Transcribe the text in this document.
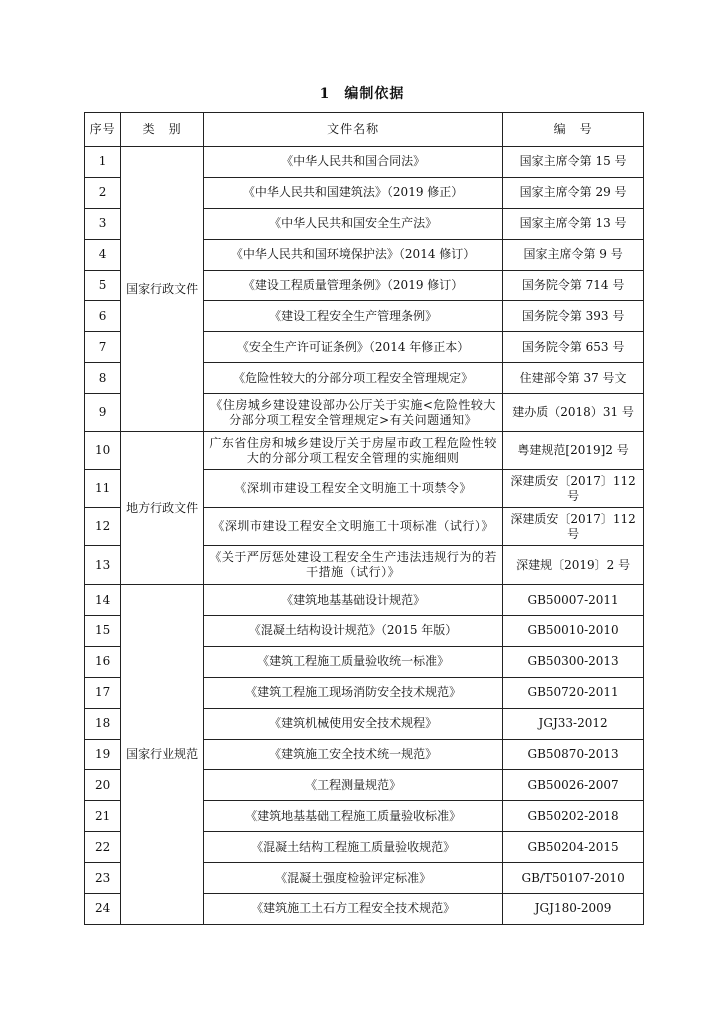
1 编制依据
序号	类　别	文件名称	编　号
1	国家行政文件	《中华人民共和国合同法》	国家主席令第 15 号
2		《中华人民共和国建筑法》（2019 修正）	国家主席令第 29 号
3		《中华人民共和国安全生产法》	国家主席令第 13 号
4		《中华人民共和国环境保护法》（2014 修订）	国家主席令第 9 号
5		《建设工程质量管理条例》（2019 修订）	国务院令第 714 号
6		《建设工程安全生产管理条例》	国务院令第 393 号
7		《安全生产许可证条例》（2014 年修正本）	国务院令第 653 号
8		《危险性较大的分部分项工程安全管理规定》	住建部令第 37 号文
9		《住房城乡建设建设部办公厅关于实施<危险性较大分部分项工程安全管理规定>有关问题通知》	建办质（2018）31 号
10	地方行政文件	广东省住房和城乡建设厅关于房屋市政工程危险性较大的分部分项工程安全管理的实施细则	粤建规范[2019]2 号
11		《深圳市建设工程安全文明施工十项禁令》	深建质安〔2017〕112号
12		《深圳市建设工程安全文明施工十项标准（试行）》	深建质安〔2017〕112号
13		《关于严厉惩处建设工程安全生产违法违规行为的若干措施（试行）》	深建规〔2019〕2 号
14	国家行业规范	《建筑地基基础设计规范》	GB50007-2011
15		《混凝土结构设计规范》（2015 年版）	GB50010-2010
16		《建筑工程施工质量验收统一标准》	GB50300-2013
17		《建筑工程施工现场消防安全技术规范》	GB50720-2011
18		《建筑机械使用安全技术规程》	JGJ33-2012
19		《建筑施工安全技术统一规范》	GB50870-2013
20		《工程测量规范》	GB50026-2007
21		《建筑地基基础工程施工质量验收标准》	GB50202-2018
22		《混凝土结构工程施工质量验收规范》	GB50204-2015
23		《混凝土强度检验评定标准》	GB/T50107-2010
24		《建筑施工土石方工程安全技术规范》	JGJ180-2009
